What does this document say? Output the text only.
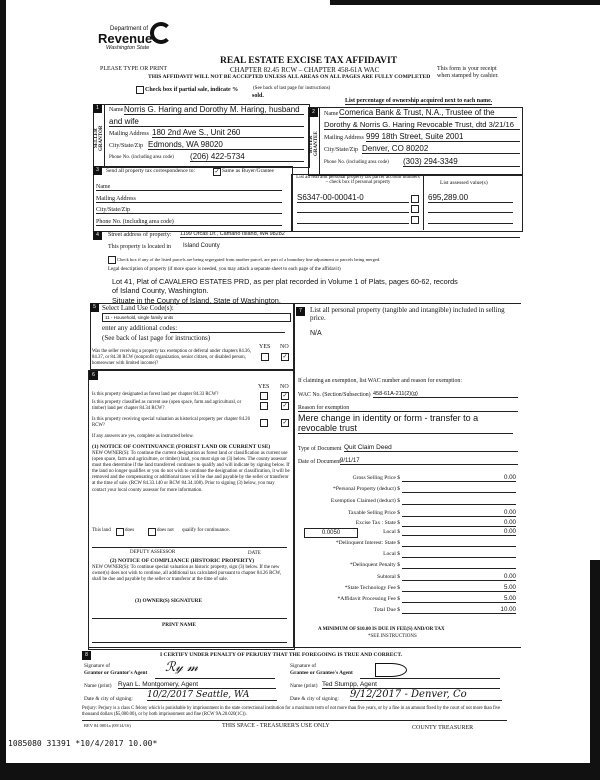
Department of
Revenue
Washington State
PLEASE TYPE OR PRINT
REAL ESTATE EXCISE TAX AFFIDAVIT
CHAPTER 82.45 RCW – CHAPTER 458-61A WAC
THIS AFFIDAVIT WILL NOT BE ACCEPTED UNLESS ALL AREAS ON ALL PAGES ARE FULLY COMPLETED
This form is your receipt
when stamped by cashier.
Check box if partial sale, indicate %
sold.
(See back of last page for instructions)
List percentage of ownership acquired next to each name.
1
SELLER GRANTOR
Name Norris G. Haring and Dorothy M. Haring, husband
and wife
Mailing Address 180 2nd Ave S., Unit 260
City/State/Zip Edmonds, WA 98020
Phone No. (including area code) (206) 422-5734
2
BUYER GRANTEE
Name Comerica Bank & Trust, N.A., Trustee of the
Dorothy & Norris G. Haring Revocable Trust, dtd 3/21/16
Mailing Address 999 18th Street, Suite 2001
City/State/Zip Denver, CO 80202
Phone No. (including area code) (303) 294-3349
3	Send all property tax correspondence to:	✓ Same as Buyer/Grantee
Name
Mailing Address
City/State/Zip
Phone No. (including area code)
List all real and personal property tax parcel account numbers – check box if personal property	List assessed value(s)
S6347-00-00041-0	695,289.00
4	Street address of property: 1199 Orcas Dr., Camano Island, WA 98282
This property is located in Island County
Check box if any of the listed parcels are being segregated from another parcel, are part of a boundary line adjustment or parcels being merged.
Legal description of property (if more space is needed, you may attach a separate sheet to each page of the affidavit)
Lot 41, Plat of CAVALERO ESTATES PRD, as per plat recorded in Volume 1 of Plats, pages 60-62, records
of Island County, Washington.
Situate in the County of Island, State of Washington.
5 Select Land Use Code(s):
11 - Household, single family units
enter any additional codes:
(See back of last page for instructions)
YES NO
Was the seller receiving a property tax exemption or deferral under chapters 84.36, 84.37, or 84.38 RCW (nonprofit organization, senior citizen, or disabled person, homeowner with limited income)?
✓
7	List all personal property (tangible and intangible) included in selling price.
N/A
6
YES NO
Is this property designated as forest land per chapter 84.33 RCW?	✓
Is this property classified as current use (open space, farm and agricultural, or timber) land per chapter 84.34 RCW?	✓
Is this property receiving special valuation as historical property per chapter 84.26 RCW?	✓
If any answers are yes, complete as instructed below.
(1) NOTICE OF CONTINUANCE (FOREST LAND OR CURRENT USE)
NEW OWNER(S): To continue the current designation as forest land or classification as current use (open space, farm and agriculture, or timber) land, you must sign on (3) below. The county assessor must then determine if the land transferred continues to qualify and will indicate by signing below. If the land no longer qualifies or you do not wish to continue the designation or classification, it will be removed and the compensating or additional taxes will be due and payable by the seller or transferor at the time of sale. (RCW 84.33.140 or RCW 84.34.108). Prior to signing (3) below, you may contact your local county assessor for more information.
This land	does	does not qualify for continuance.
DEPUTY ASSESSOR	DATE
(2) NOTICE OF COMPLIANCE (HISTORIC PROPERTY)
NEW OWNER(S): To continue special valuation as historic property, sign (3) below. If the new owner(s) does not wish to continue, all additional tax calculated pursuant to chapter 84.26 RCW, shall be due and payable by the seller or transferor at the time of sale.
(3) OWNER(S) SIGNATURE
PRINT NAME
If claiming an exemption, list WAC number and reason for exemption:
WAC No. (Section/Subsection) 458-61A-211(2)(g)
Reason for exemption
Mere change in identity or form - transfer to a revocable trust
Type of Document Quit Claim Deed
Date of Document 9/11/17
Gross Selling Price $	0.00
*Personal Property (deduct) $
Exemption Claimed (deduct) $
Taxable Selling Price $	0.00
Excise Tax : State $	0.00
Local $	0.00
*Delinquent Interest: State $
Local $
*Delinquent Penalty $
Subtotal $	0.00
*State Technology Fee $	5.00
*Affidavit Processing Fee $	5.00
Total Due $	10.00
0.0050
A MINIMUM OF $10.00 IS DUE IN FEE(S) AND/OR TAX
*SEE INSTRUCTIONS
8	I CERTIFY UNDER PENALTY OF PERJURY THAT THE FOREGOING IS TRUE AND CORRECT.
Signature of
Grantor or Grantor's Agent ℛ𝓎 𝓂	Signature of
Grantee or Grantee's Agent
Name (print) Ryan L. Montgomery, Agent	Name (print) Ted Stumpp, Agent
Date & city of signing: 10/2/2017 Seattle, WA	Date & city of signing: 9/12/2017 - Denver, Co
Perjury: Perjury is a class C felony which is punishable by imprisonment in the state correctional institution for a maximum term of not more than five years, or by a fine in an amount fixed by the court of not more than five thousand dollars ($5,000.00), or by both imprisonment and fine (RCW 9A.20.020(1C)).
REV 84 0001a (09/14/16)	THIS SPACE - TREASURER'S USE ONLY	COUNTY TREASURER
1085080 31391 *10/4/2017 10.00*
